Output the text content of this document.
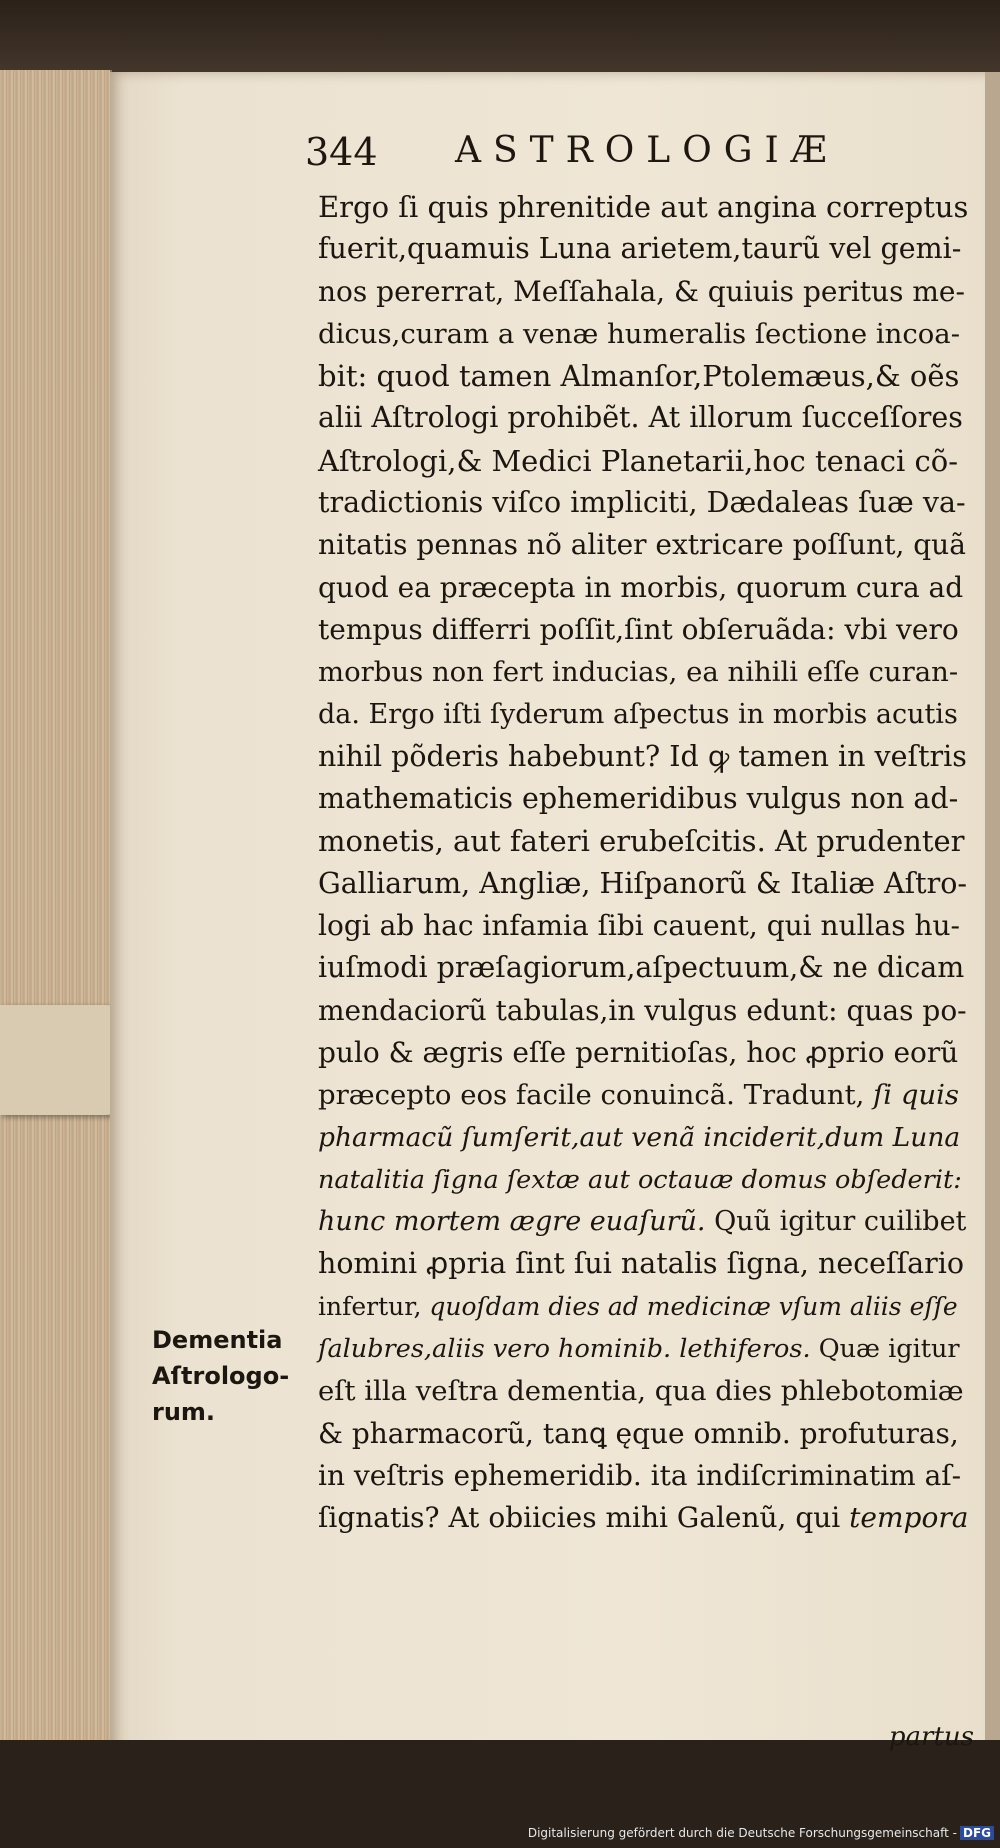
344 ASTROLOGIÆ
Ergo ſi quis phrenitide aut angina correptus
fuerit,quamuis Luna arietem,taurũ vel gemi-
nos pererrat, Meſſahala, & quiuis peritus me-
dicus,curam a venæ humeralis ſectione incoa-
bit: quod tamen Almanſor,Ptolemæus,& oẽs
alii Aſtrologi prohibẽt. At illorum ſucceſſores
Aſtrologi,& Medici Planetarii,hoc tenaci cõ-
tradictionis viſco impliciti, Dædaleas ſuæ va-
nitatis pennas nõ aliter extricare poſſunt, quã
quod ea præcepta in morbis, quorum cura ad
tempus differri poſſit,ſint obſeruãda: vbi vero
morbus non fert inducias, ea nihili eſſe curan-
da. Ergo iſti ſyderum aſpectus in morbis acutis
nihil põderis habebunt? Id ꝙ tamen in veſtris
mathematicis ephemeridibus vulgus non ad-
monetis, aut fateri erubeſcitis. At prudenter
Galliarum, Angliæ, Hiſpanorũ & Italiæ Aſtro-
logi ab hac infamia ſibi cauent, qui nullas hu-
iuſmodi præſagiorum,aſpectuum,& ne dicam
mendaciorũ tabulas,in vulgus edunt: quas po-
pulo & ægris eſſe pernitioſas, hoc ꝓprio eorũ
præcepto eos facile conuincã. Tradunt, ſi quis
pharmacũ ſumſerit,aut venã inciderit,dum Luna
natalitia ſigna ſextæ aut octauæ domus obſederit:
hunc mortem ægre euaſurũ. Quũ igitur cuilibet
homini ꝓpria ſint ſui natalis ſigna, neceſſario
infertur, quoſdam dies ad medicinæ vſum aliis eſſe
ſalubres,aliis vero hominib. lethiferos. Quæ igitur
eſt illa veſtra dementia, qua dies phlebotomiæ
& pharmacorũ, tanꝗ ęque omnib. profuturas,
in veſtris ephemeridib. ita indiſcriminatim aſ-
ſignatis? At obiicies mihi Galenũ, qui tempora
Dementia
Aſtrologo-
rum.
partus
Digitalisierung gefördert durch die Deutsche Forschungsgemeinschaft - DFG
